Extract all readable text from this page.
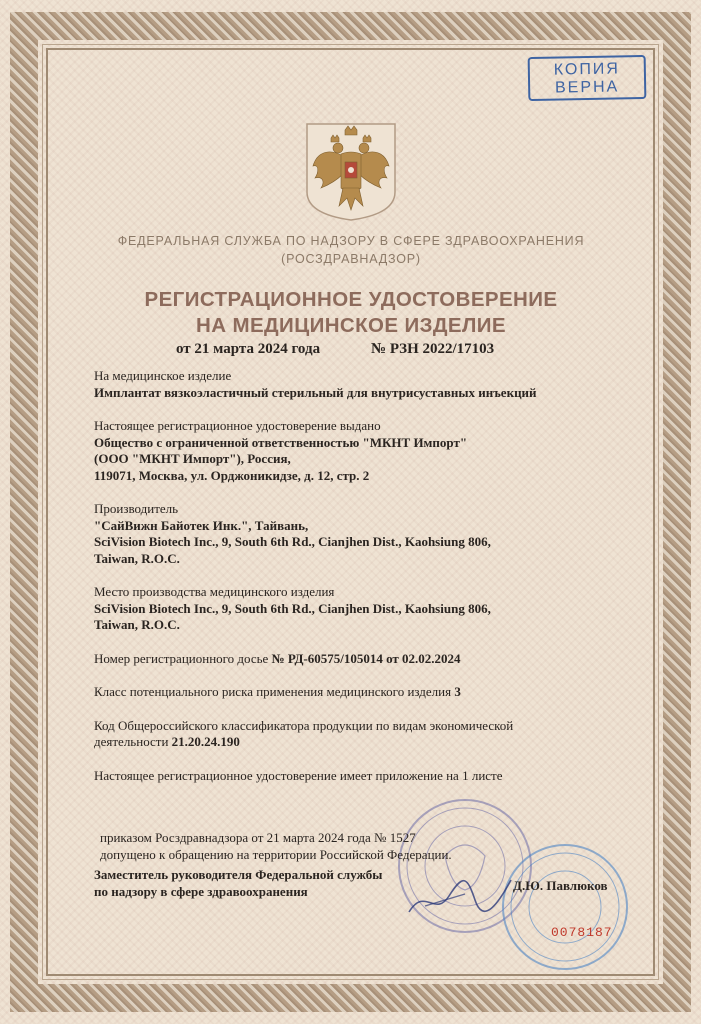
КОПИЯ
ВЕРНА
ФЕДЕРАЛЬНАЯ СЛУЖБА ПО НАДЗОРУ В СФЕРЕ ЗДРАВООХРАНЕНИЯ
(РОСЗДРАВНАДЗОР)
РЕГИСТРАЦИОННОЕ УДОСТОВЕРЕНИЕ
НА МЕДИЦИНСКОЕ ИЗДЕЛИЕ
от 21 марта 2024 года	№ РЗН 2022/17103
На медицинское изделие
Имплантат вязкоэластичный стерильный для внутрисуставных инъекций
Настоящее регистрационное удостоверение выдано
Общество с ограниченной ответственностью "МКНТ Импорт"
(ООО "МКНТ Импорт"), Россия,
119071, Москва, ул. Орджоникидзе, д. 12, стр. 2
Производитель
"СайВижн Байотек Инк.", Тайвань,
SciVision Biotech Inc., 9, South 6th Rd., Cianjhen Dist., Kaohsiung 806,
Taiwan, R.O.C.
Место производства медицинского изделия
SciVision Biotech Inc., 9, South 6th Rd., Cianjhen Dist., Kaohsiung 806,
Taiwan, R.O.C.
Номер регистрационного досье № РД-60575/105014 от 02.02.2024
Класс потенциального риска применения медицинского изделия 3
Код Общероссийского классификатора продукции по видам экономической
деятельности 21.20.24.190
Настоящее регистрационное удостоверение имеет приложение на 1 листе
приказом Росздравнадзора от 21 марта 2024 года № 1527
допущено к обращению на территории Российской Федерации.
Заместитель руководителя Федеральной службы
по надзору в сфере здравоохранения	Д.Ю. Павлюков
0078187
